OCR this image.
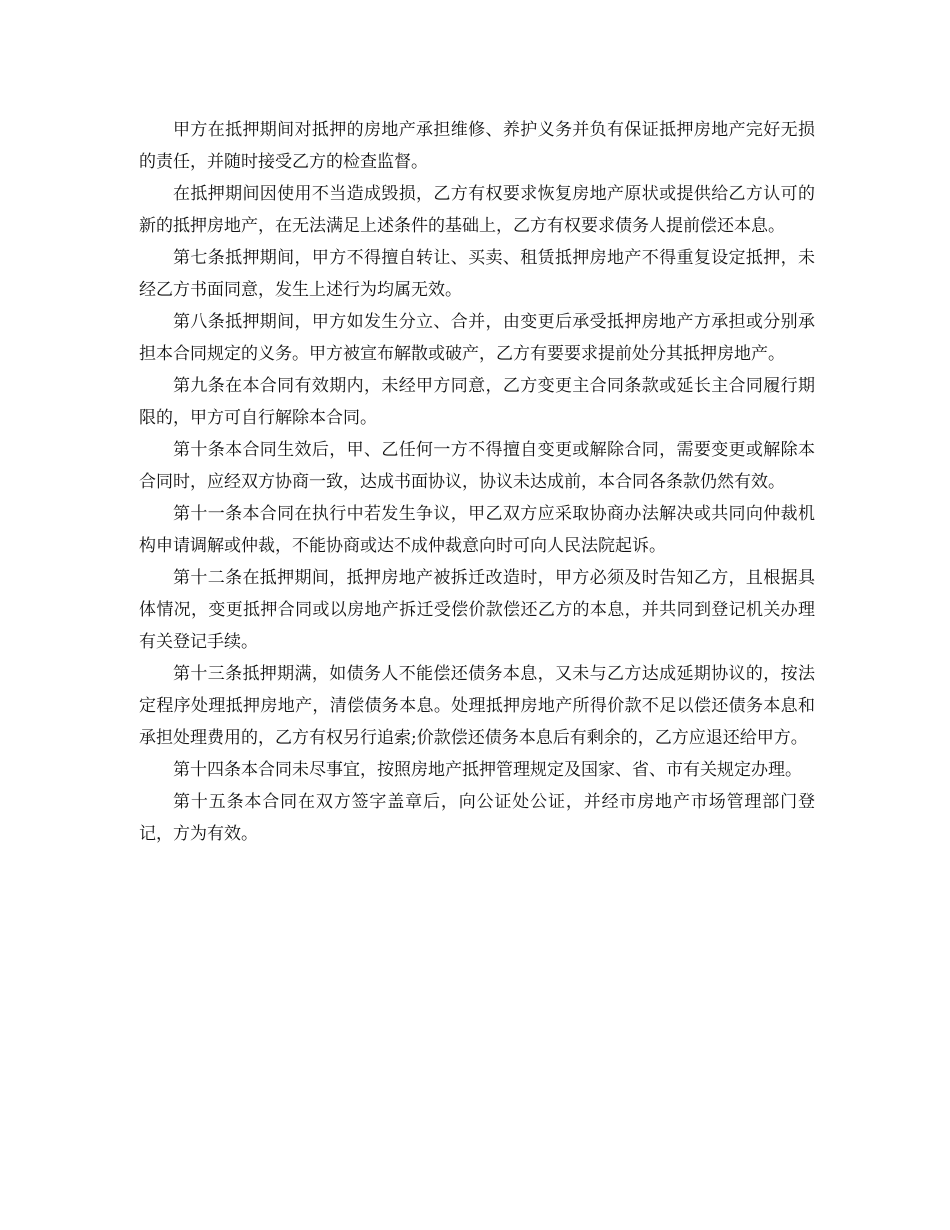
甲方在抵押期间对抵押的房地产承担维修、养护义务并负有保证抵押房地产完好无损的责任，并随时接受乙方的检查监督。

在抵押期间因使用不当造成毁损，乙方有权要求恢复房地产原状或提供给乙方认可的新的抵押房地产，在无法满足上述条件的基础上，乙方有权要求债务人提前偿还本息。

第七条抵押期间，甲方不得擅自转让、买卖、租赁抵押房地产不得重复设定抵押，未经乙方书面同意，发生上述行为均属无效。

第八条抵押期间，甲方如发生分立、合并，由变更后承受抵押房地产方承担或分别承担本合同规定的义务。甲方被宣布解散或破产，乙方有要要求提前处分其抵押房地产。

第九条在本合同有效期内，未经甲方同意，乙方变更主合同条款或延长主合同履行期限的，甲方可自行解除本合同。

第十条本合同生效后，甲、乙任何一方不得擅自变更或解除合同，需要变更或解除本合同时，应经双方协商一致，达成书面协议，协议未达成前，本合同各条款仍然有效。

第十一条本合同在执行中若发生争议，甲乙双方应采取协商办法解决或共同向仲裁机构申请调解或仲裁，不能协商或达不成仲裁意向时可向人民法院起诉。

第十二条在抵押期间，抵押房地产被拆迁改造时，甲方必须及时告知乙方，且根据具体情况，变更抵押合同或以房地产拆迁受偿价款偿还乙方的本息，并共同到登记机关办理有关登记手续。

第十三条抵押期满，如债务人不能偿还债务本息，又未与乙方达成延期协议的，按法定程序处理抵押房地产，清偿债务本息。处理抵押房地产所得价款不足以偿还债务本息和承担处理费用的，乙方有权另行追索;价款偿还债务本息后有剩余的，乙方应退还给甲方。

第十四条本合同未尽事宜，按照房地产抵押管理规定及国家、省、市有关规定办理。

第十五条本合同在双方签字盖章后，向公证处公证，并经市房地产市场管理部门登记，方为有效。
